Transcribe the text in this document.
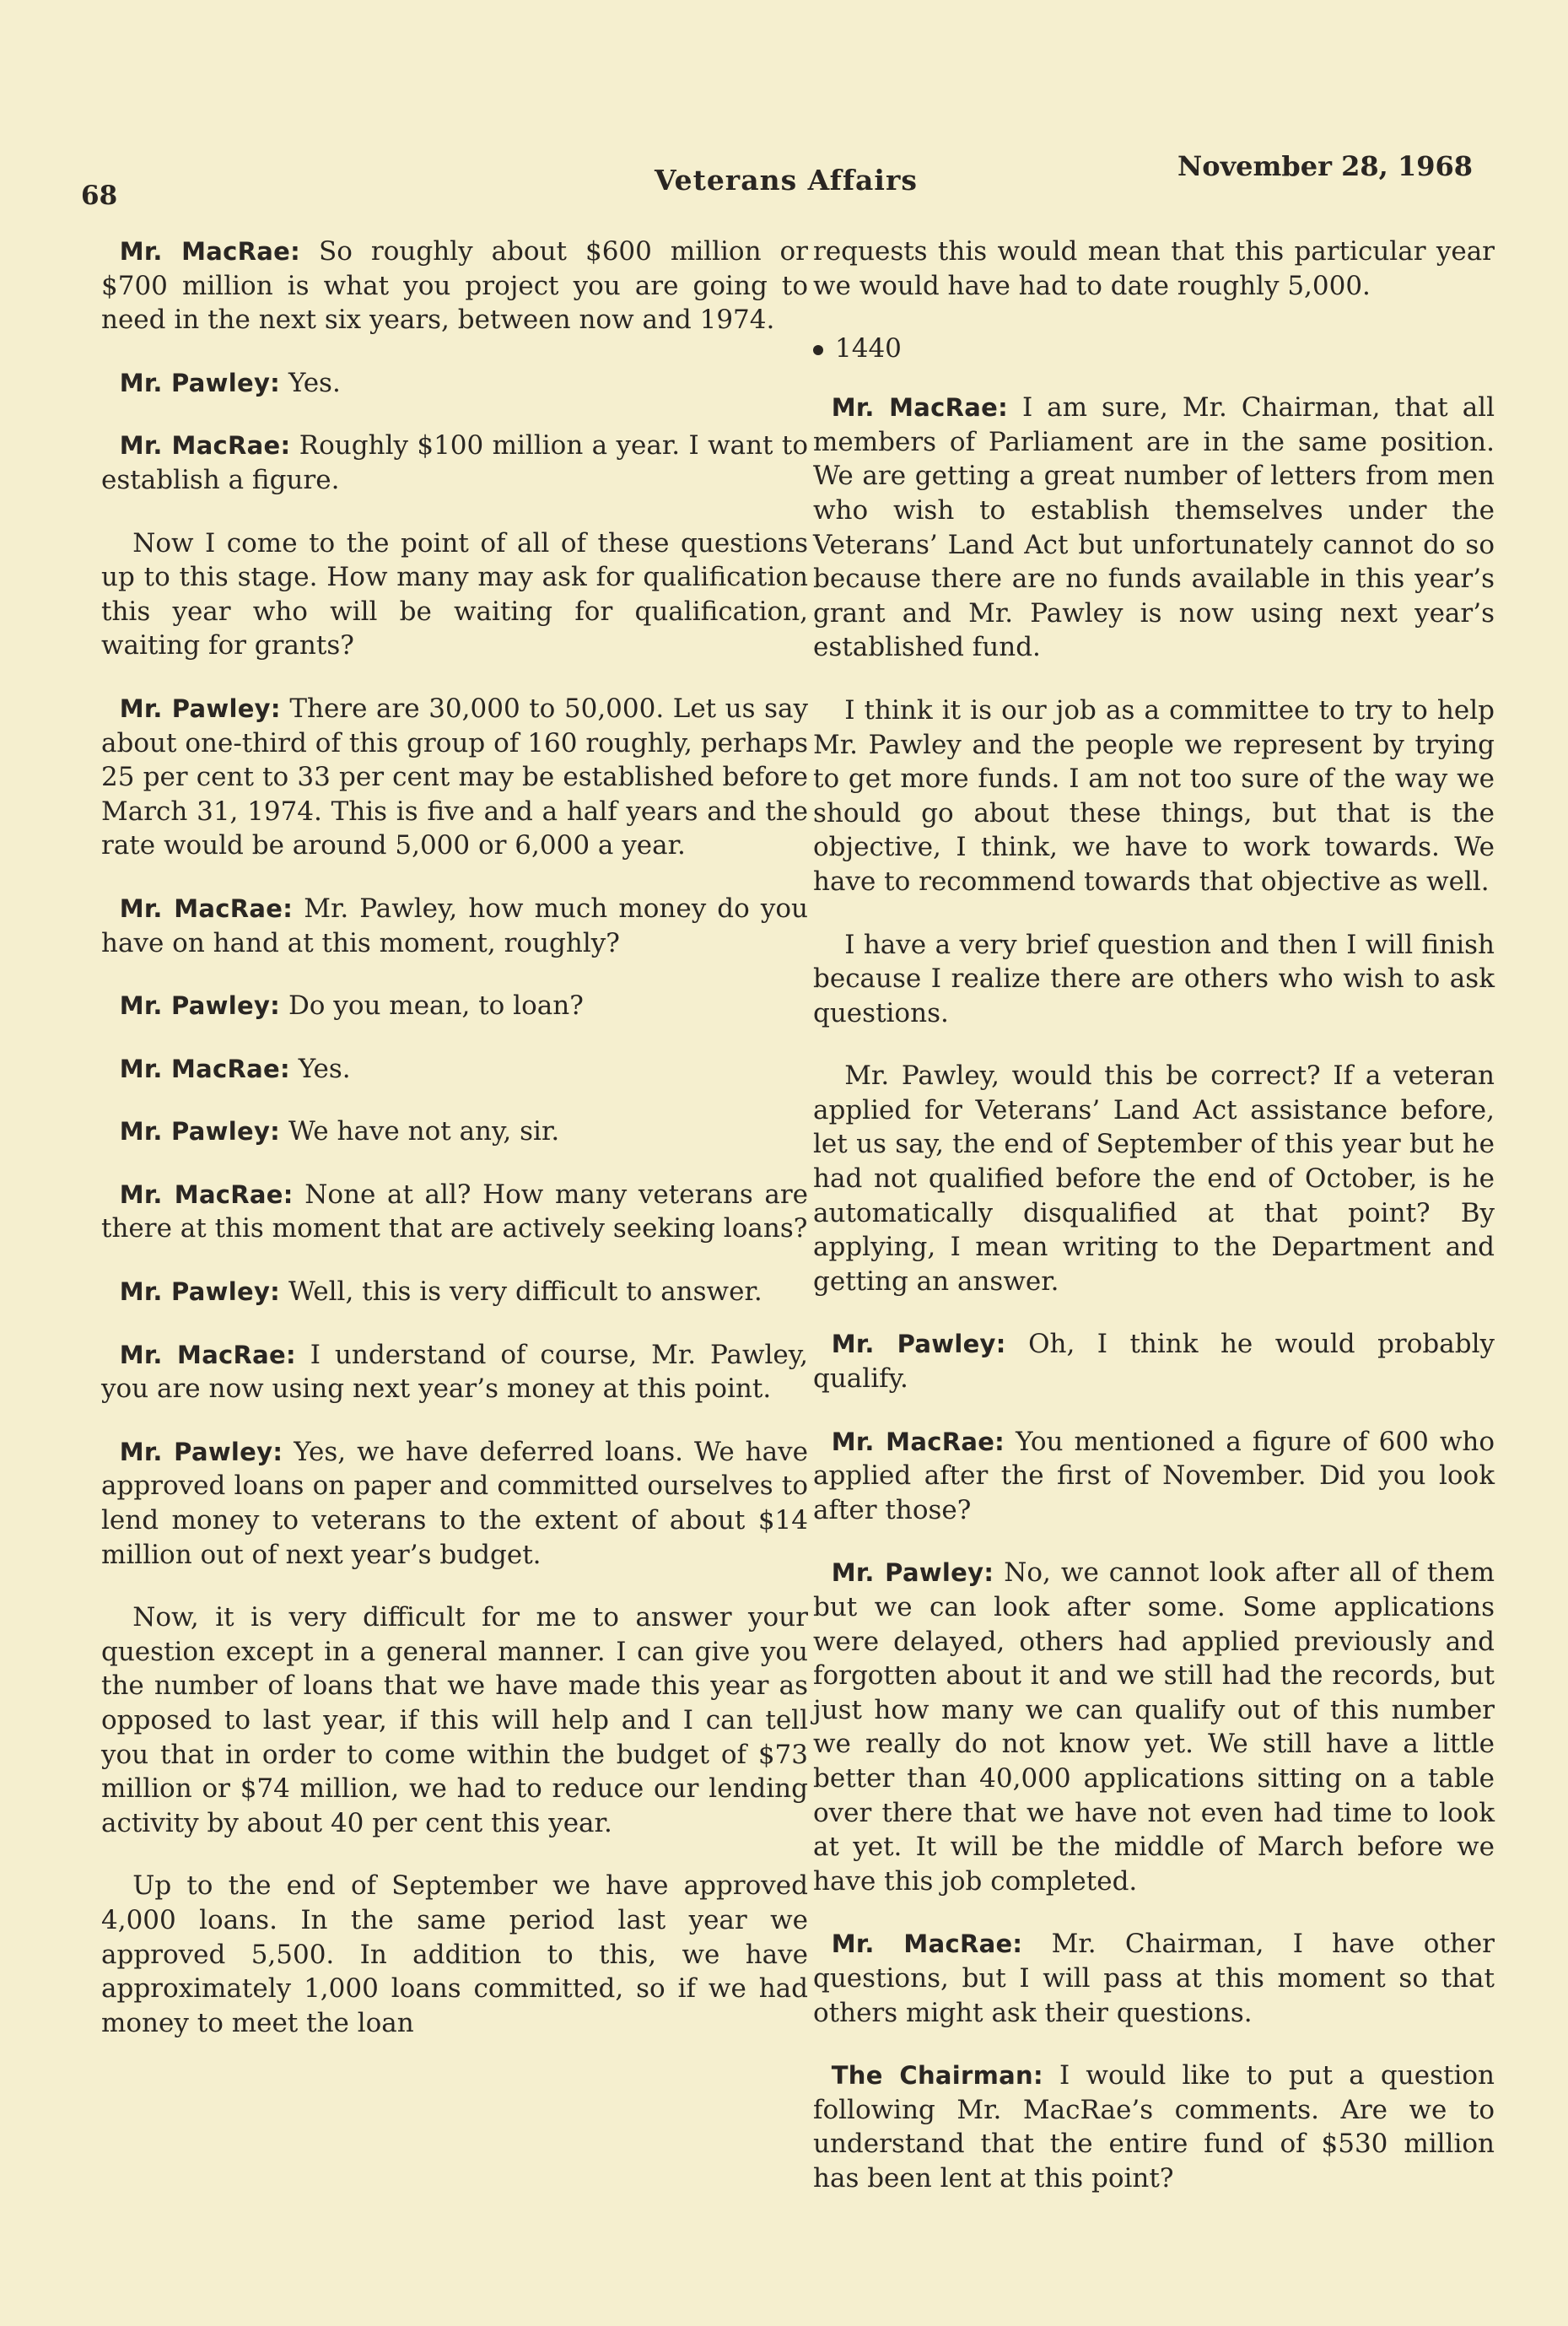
68	Veterans Affairs	November 28, 1968

Mr. MacRae: So roughly about $600 million or $700 million is what you project you are going to need in the next six years, between now and 1974.

Mr. Pawley: Yes.

Mr. MacRae: Roughly $100 million a year. I want to establish a figure.

Now I come to the point of all of these questions up to this stage. How many may ask for qualification this year who will be waiting for qualification, waiting for grants?

Mr. Pawley: There are 30,000 to 50,000. Let us say about one-third of this group of 160 roughly, perhaps 25 per cent to 33 per cent may be established before March 31, 1974. This is five and a half years and the rate would be around 5,000 or 6,000 a year.

Mr. MacRae: Mr. Pawley, how much money do you have on hand at this moment, roughly?

Mr. Pawley: Do you mean, to loan?

Mr. MacRae: Yes.

Mr. Pawley: We have not any, sir.

Mr. MacRae: None at all? How many veterans are there at this moment that are actively seeking loans?

Mr. Pawley: Well, this is very difficult to answer.

Mr. MacRae: I understand of course, Mr. Pawley, you are now using next year’s money at this point.

Mr. Pawley: Yes, we have deferred loans. We have approved loans on paper and committed ourselves to lend money to veterans to the extent of about $14 million out of next year’s budget.

Now, it is very difficult for me to answer your question except in a general manner. I can give you the number of loans that we have made this year as opposed to last year, if this will help and I can tell you that in order to come within the budget of $73 million or $74 million, we had to reduce our lending activity by about 40 per cent this year.

Up to the end of September we have approved 4,000 loans. In the same period last year we approved 5,500. In addition to this, we have approximately 1,000 loans committed, so if we had money to meet the loan

requests this would mean that this particular year we would have had to date roughly 5,000.

1440

Mr. MacRae: I am sure, Mr. Chairman, that all members of Parliament are in the same position. We are getting a great number of letters from men who wish to establish themselves under the Veterans’ Land Act but unfortunately cannot do so because there are no funds available in this year’s grant and Mr. Pawley is now using next year’s established fund.

I think it is our job as a committee to try to help Mr. Pawley and the people we represent by trying to get more funds. I am not too sure of the way we should go about these things, but that is the objective, I think, we have to work towards. We have to recommend towards that objective as well.

I have a very brief question and then I will finish because I realize there are others who wish to ask questions.

Mr. Pawley, would this be correct? If a veteran applied for Veterans’ Land Act assistance before, let us say, the end of September of this year but he had not qualified before the end of October, is he automatically disqualified at that point? By applying, I mean writing to the Department and getting an answer.

Mr. Pawley: Oh, I think he would probably qualify.

Mr. MacRae: You mentioned a figure of 600 who applied after the first of November. Did you look after those?

Mr. Pawley: No, we cannot look after all of them but we can look after some. Some applications were delayed, others had applied previously and forgotten about it and we still had the records, but just how many we can qualify out of this number we really do not know yet. We still have a little better than 40,000 applications sitting on a table over there that we have not even had time to look at yet. It will be the middle of March before we have this job completed.

Mr. MacRae: Mr. Chairman, I have other questions, but I will pass at this moment so that others might ask their questions.

The Chairman: I would like to put a question following Mr. MacRae’s comments. Are we to understand that the entire fund of $530 million has been lent at this point?
